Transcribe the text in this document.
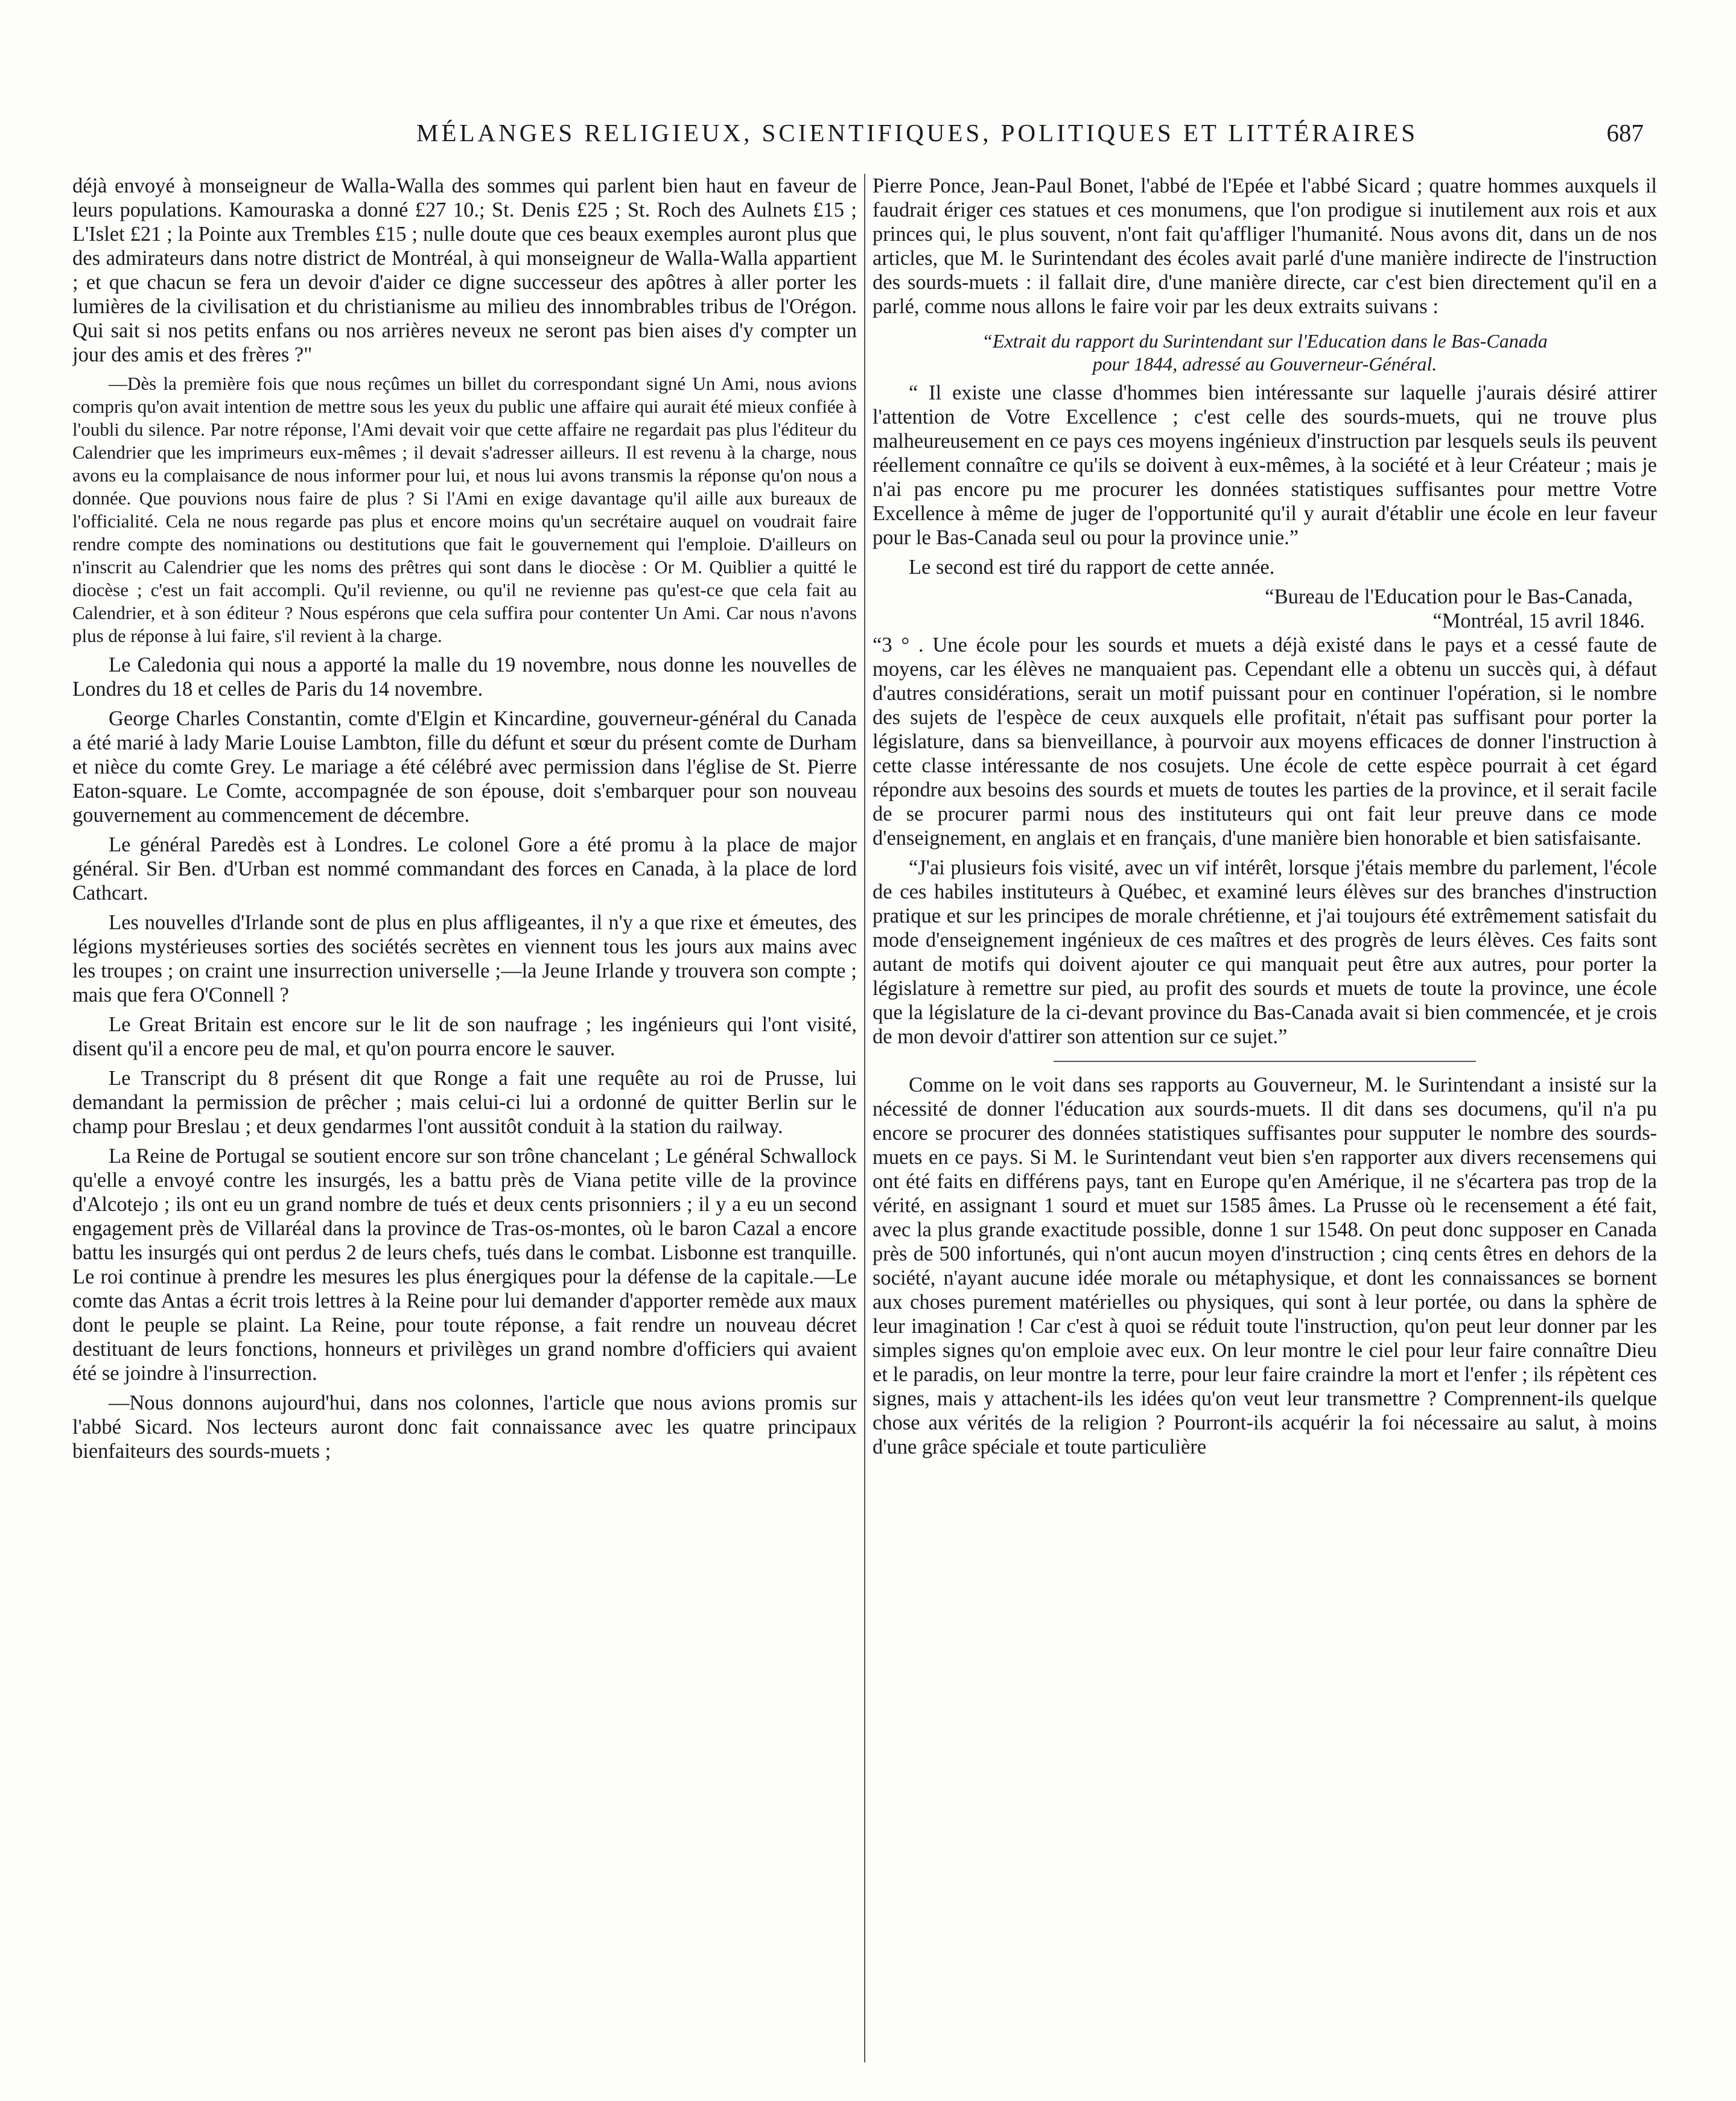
MÉLANGES RELIGIEUX, SCIENTIFIQUES, POLITIQUES ET LITTÉRAIRES	687

déjà envoyé à monseigneur de Walla-Walla des sommes qui parlent bien haut en faveur de leurs populations. Kamouraska a donné £27 10.; St. Denis £25 ; St. Roch des Aulnets £15 ; L'Islet £21 ; la Pointe aux Trembles £15 ; nulle doute que ces beaux exemples auront plus que des admirateurs dans notre district de Montréal, à qui monseigneur de Walla-Walla appartient ; et que chacun se fera un devoir d'aider ce digne successeur des apôtres à aller porter les lumières de la civilisation et du christianisme au milieu des innombrables tribus de l'Orégon. Qui sait si nos petits enfans ou nos arrières neveux ne seront pas bien aises d'y compter un jour des amis et des frères ?"

—Dès la première fois que nous reçûmes un billet du correspondant signé Un Ami, nous avions compris qu'on avait intention de mettre sous les yeux du public une affaire qui aurait été mieux confiée à l'oubli du silence. Par notre réponse, l'Ami devait voir que cette affaire ne regardait pas plus l'éditeur du Calendrier que les imprimeurs eux-mêmes ; il devait s'adresser ailleurs. Il est revenu à la charge, nous avons eu la complaisance de nous informer pour lui, et nous lui avons transmis la réponse qu'on nous a donnée. Que pouvions nous faire de plus ? Si l'Ami en exige davantage qu'il aille aux bureaux de l'officialité. Cela ne nous regarde pas plus et encore moins qu'un secrétaire auquel on voudrait faire rendre compte des nominations ou destitutions que fait le gouvernement qui l'emploie. D'ailleurs on n'inscrit au Calendrier que les noms des prêtres qui sont dans le diocèse : Or M. Quiblier a quitté le diocèse ; c'est un fait accompli. Qu'il revienne, ou qu'il ne revienne pas qu'est-ce que cela fait au Calendrier, et à son éditeur ? Nous espérons que cela suffira pour contenter Un Ami. Car nous n'avons plus de réponse à lui faire, s'il revient à la charge.

Le Caledonia qui nous a apporté la malle du 19 novembre, nous donne les nouvelles de Londres du 18 et celles de Paris du 14 novembre.

George Charles Constantin, comte d'Elgin et Kincardine, gouverneur-général du Canada a été marié à lady Marie Louise Lambton, fille du défunt et sœur du présent comte de Durham et nièce du comte Grey. Le mariage a été célébré avec permission dans l'église de St. Pierre Eaton-square. Le Comte, accompagnée de son épouse, doit s'embarquer pour son nouveau gouvernement au commencement de décembre.

Le général Paredès est à Londres. Le colonel Gore a été promu à la place de major général. Sir Ben. d'Urban est nommé commandant des forces en Canada, à la place de lord Cathcart.

Les nouvelles d'Irlande sont de plus en plus affligeantes, il n'y a que rixe et émeutes, des légions mystérieuses sorties des sociétés secrètes en viennent tous les jours aux mains avec les troupes ; on craint une insurrection universelle ;—la Jeune Irlande y trouvera son compte ; mais que fera O'Connell ?

Le Great Britain est encore sur le lit de son naufrage ; les ingénieurs qui l'ont visité, disent qu'il a encore peu de mal, et qu'on pourra encore le sauver.

Le Transcript du 8 présent dit que Ronge a fait une requête au roi de Prusse, lui demandant la permission de prêcher ; mais celui-ci lui a ordonné de quitter Berlin sur le champ pour Breslau ; et deux gendarmes l'ont aussitôt conduit à la station du railway.

La Reine de Portugal se soutient encore sur son trône chancelant ; Le général Schwallock qu'elle a envoyé contre les insurgés, les a battu près de Viana petite ville de la province d'Alcotejo ; ils ont eu un grand nombre de tués et deux cents prisonniers ; il y a eu un second engagement près de Villaréal dans la province de Tras-os-montes, où le baron Cazal a encore battu les insurgés qui ont perdus 2 de leurs chefs, tués dans le combat. Lisbonne est tranquille. Le roi continue à prendre les mesures les plus énergiques pour la défense de la capitale.—Le comte das Antas a écrit trois lettres à la Reine pour lui demander d'apporter remède aux maux dont le peuple se plaint. La Reine, pour toute réponse, a fait rendre un nouveau décret destituant de leurs fonctions, honneurs et privilèges un grand nombre d'officiers qui avaient été se joindre à l'insurrection.

—Nous donnons aujourd'hui, dans nos colonnes, l'article que nous avions promis sur l'abbé Sicard. Nos lecteurs auront donc fait connaissance avec les quatre principaux bienfaiteurs des sourds-muets ;

Pierre Ponce, Jean-Paul Bonet, l'abbé de l'Epée et l'abbé Sicard ; quatre hommes auxquels il faudrait ériger ces statues et ces monumens, que l'on prodigue si inutilement aux rois et aux princes qui, le plus souvent, n'ont fait qu'affliger l'humanité. Nous avons dit, dans un de nos articles, que M. le Surintendant des écoles avait parlé d'une manière indirecte de l'instruction des sourds-muets : il fallait dire, d'une manière directe, car c'est bien directement qu'il en a parlé, comme nous allons le faire voir par les deux extraits suivans :

“Extrait du rapport du Surintendant sur l'Education dans le Bas-Canada

pour 1844, adressé au Gouverneur-Général.

“ Il existe une classe d'hommes bien intéressante sur laquelle j'aurais désiré attirer l'attention de Votre Excellence ; c'est celle des sourds-muets, qui ne trouve plus malheureusement en ce pays ces moyens ingénieux d'instruction par lesquels seuls ils peuvent réellement connaître ce qu'ils se doivent à eux-mêmes, à la société et à leur Créateur ; mais je n'ai pas encore pu me procurer les données statistiques suffisantes pour mettre Votre Excellence à même de juger de l'opportunité qu'il y aurait d'établir une école en leur faveur pour le Bas-Canada seul ou pour la province unie.”

Le second est tiré du rapport de cette année.

“Bureau de l'Education pour le Bas-Canada,

“Montréal, 15 avril 1846.

“3 ° . Une école pour les sourds et muets a déjà existé dans le pays et a cessé faute de moyens, car les élèves ne manquaient pas. Cependant elle a obtenu un succès qui, à défaut d'autres considérations, serait un motif puissant pour en continuer l'opération, si le nombre des sujets de l'espèce de ceux auxquels elle profitait, n'était pas suffisant pour porter la législature, dans sa bienveillance, à pourvoir aux moyens efficaces de donner l'instruction à cette classe intéressante de nos cosujets. Une école de cette espèce pourrait à cet égard répondre aux besoins des sourds et muets de toutes les parties de la province, et il serait facile de se procurer parmi nous des instituteurs qui ont fait leur preuve dans ce mode d'enseignement, en anglais et en français, d'une manière bien honorable et bien satisfaisante.

“J'ai plusieurs fois visité, avec un vif intérêt, lorsque j'étais membre du parlement, l'école de ces habiles instituteurs à Québec, et examiné leurs élèves sur des branches d'instruction pratique et sur les principes de morale chrétienne, et j'ai toujours été extrêmement satisfait du mode d'enseignement ingénieux de ces maîtres et des progrès de leurs élèves. Ces faits sont autant de motifs qui doivent ajouter ce qui manquait peut être aux autres, pour porter la législature à remettre sur pied, au profit des sourds et muets de toute la province, une école que la législature de la ci-devant province du Bas-Canada avait si bien commencée, et je crois de mon devoir d'attirer son attention sur ce sujet.”

Comme on le voit dans ses rapports au Gouverneur, M. le Surintendant a insisté sur la nécessité de donner l'éducation aux sourds-muets. Il dit dans ses documens, qu'il n'a pu encore se procurer des données statistiques suffisantes pour supputer le nombre des sourds-muets en ce pays. Si M. le Surintendant veut bien s'en rapporter aux divers recensemens qui ont été faits en différens pays, tant en Europe qu'en Amérique, il ne s'écartera pas trop de la vérité, en assignant 1 sourd et muet sur 1585 âmes. La Prusse où le recensement a été fait, avec la plus grande exactitude possible, donne 1 sur 1548. On peut donc supposer en Canada près de 500 infortunés, qui n'ont aucun moyen d'instruction ; cinq cents êtres en dehors de la société, n'ayant aucune idée morale ou métaphysique, et dont les connaissances se bornent aux choses purement matérielles ou physiques, qui sont à leur portée, ou dans la sphère de leur imagination ! Car c'est à quoi se réduit toute l'instruction, qu'on peut leur donner par les simples signes qu'on emploie avec eux. On leur montre le ciel pour leur faire connaître Dieu et le paradis, on leur montre la terre, pour leur faire craindre la mort et l'enfer ; ils répètent ces signes, mais y attachent-ils les idées qu'on veut leur transmettre ? Comprennent-ils quelque chose aux vérités de la religion ? Pourront-ils acquérir la foi nécessaire au salut, à moins d'une grâce spéciale et toute particulière
